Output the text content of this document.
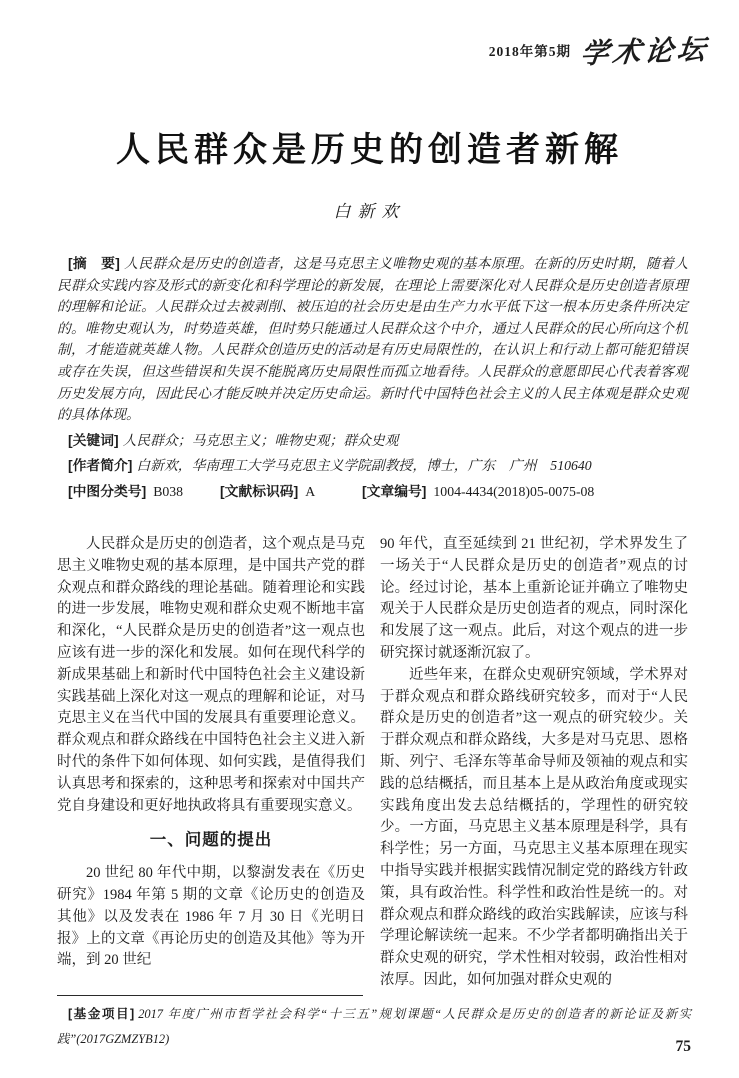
2018年第5期 学术论坛
人民群众是历史的创造者新解
白新欢

[摘　要] 人民群众是历史的创造者，这是马克思主义唯物史观的基本原理。在新的历史时期，随着人民群众实践内容及形式的新变化和科学理论的新发展，在理论上需要深化对人民群众是历史创造者原理的理解和论证。人民群众过去被剥削、被压迫的社会历史是由生产力水平低下这一根本历史条件所决定的。唯物史观认为，时势造英雄，但时势只能通过人民群众这个中介，通过人民群众的民心所向这个机制，才能造就英雄人物。人民群众创造历史的活动是有历史局限性的，在认识上和行动上都可能犯错误或存在失误，但这些错误和失误不能脱离历史局限性而孤立地看待。人民群众的意愿即民心代表着客观历史发展方向，因此民心才能反映并决定历史命运。新时代中国特色社会主义的人民主体观是群众史观的具体体现。

[关键词] 人民群众；马克思主义；唯物史观；群众史观

[作者简介] 白新欢，华南理工大学马克思主义学院副教授，博士，广东　广州　510640

[中图分类号] B038	[文献标识码] A	[文章编号] 1004-4434(2018)05-0075-08

人民群众是历史的创造者，这个观点是马克思主义唯物史观的基本原理，是中国共产党的群众观点和群众路线的理论基础。随着理论和实践的进一步发展，唯物史观和群众史观不断地丰富和深化，“人民群众是历史的创造者”这一观点也应该有进一步的深化和发展。如何在现代科学的新成果基础上和新时代中国特色社会主义建设新实践基础上深化对这一观点的理解和论证，对马克思主义在当代中国的发展具有重要理论意义。群众观点和群众路线在中国特色社会主义进入新时代的条件下如何体现、如何实践，是值得我们认真思考和探索的，这种思考和探索对中国共产党自身建设和更好地执政将具有重要现实意义。

一、问题的提出

20 世纪 80 年代中期，以黎澍发表在《历史研究》1984 年第 5 期的文章《论历史的创造及其他》以及发表在 1986 年 7 月 30 日《光明日报》上的文章《再论历史的创造及其他》等为开端，到 20 世纪

90 年代，直至延续到 21 世纪初，学术界发生了一场关于“人民群众是历史的创造者”观点的讨论。经过讨论，基本上重新论证并确立了唯物史观关于人民群众是历史创造者的观点，同时深化和发展了这一观点。此后，对这个观点的进一步研究探讨就逐渐沉寂了。

近些年来，在群众史观研究领域，学术界对于群众观点和群众路线研究较多，而对于“人民群众是历史的创造者”这一观点的研究较少。关于群众观点和群众路线，大多是对马克思、恩格斯、列宁、毛泽东等革命导师及领袖的观点和实践的总结概括，而且基本上是从政治角度或现实实践角度出发去总结概括的，学理性的研究较少。一方面，马克思主义基本原理是科学，具有科学性；另一方面，马克思主义基本原理在现实中指导实践并根据实践情况制定党的路线方针政策，具有政治性。科学性和政治性是统一的。对群众观点和群众路线的政治实践解读，应该与科学理论解读统一起来。不少学者都明确指出关于群众史观的研究，学术性相对较弱，政治性相对浓厚。因此，如何加强对群众史观的

[基金项目] 2017 年度广州市哲学社会科学“十三五”规划课题“人民群众是历史的创造者的新论证及新实践”(2017GZMZYB12)	75
